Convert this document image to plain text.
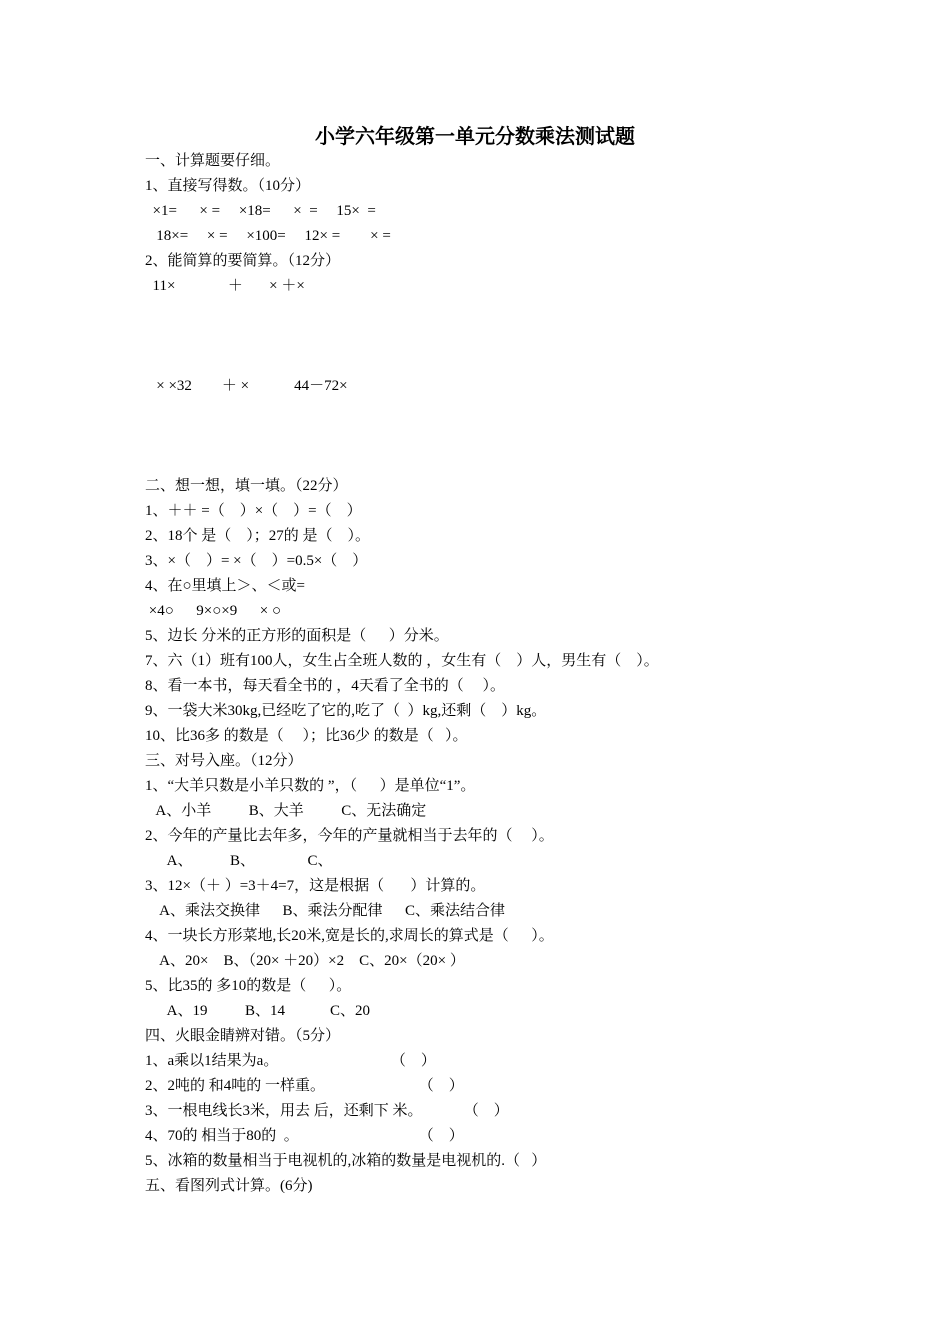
小学六年级第一单元分数乘法测试题
一、计算题要仔细。
1、直接写得数。（10分）
×1=      × =     ×18=      ×  =     15×  =
18×=     × =     ×100=     12× =        × =
2、能简算的要简算。（12分）
11×              ＋       × ＋×
× ×32        ＋ ×            44－72×
二、想一想，填一填。（22分）
1、＋＋ =（    ）×（    ）=（    ）
2、18个 是（    ）；27的 是（    ）。
3、×（    ）= ×（    ）=0.5×（    ）
4、在○里填上＞、＜或=
×4○      9×○×9      × ○
5、边长 分米的正方形的面积是（      ）分米。
7、六（1）班有100人，女生占全班人数的 ，女生有（    ）人，男生有（    ）。
8、看一本书，每天看全书的 ，4天看了全书的（     ）。
9、一袋大米30kg,已经吃了它的,吃了（  ）kg,还剩（    ）kg。
10、比36多 的数是（     ）；比36少 的数是（   ）。
三、对号入座。（12分）
1、“大羊只数是小羊只数的 ”，（      ）是单位“1”。
A、小羊          B、大羊          C、无法确定
2、今年的产量比去年多，今年的产量就相当于去年的（     ）。
A、          B、              C、
3、12×（＋ ）=3＋4=7，这是根据（       ）计算的。
A、乘法交换律      B、乘法分配律      C、乘法结合律
4、一块长方形菜地,长20米,宽是长的,求周长的算式是（      ）。
A、20×    B、（20× ＋20）×2    C、20×（20× ）
5、比35的 多10的数是（      ）。
A、19          B、14            C、20
四、火眼金睛辨对错。（5分）
1、a乘以1结果为a。                              （    ）
2、2吨的 和4吨的 一样重。                         （    ）
3、一根电线长3米，用去 后，还剩下 米。           （    ）
4、70的 相当于80的  。                                （    ）
5、冰箱的数量相当于电视机的,冰箱的数量是电视机的.（   ）
五、看图列式计算。(6分)
